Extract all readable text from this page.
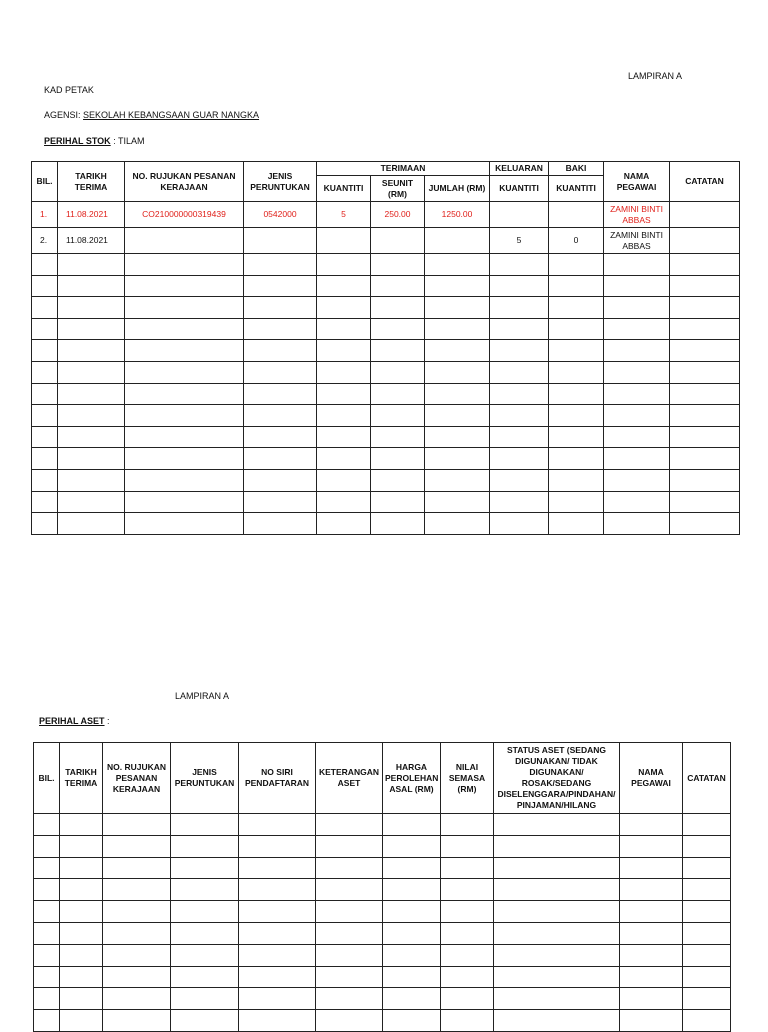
LAMPIRAN A
KAD PETAK
AGENSI: SEKOLAH KEBANGSAAN GUAR NANGKA
PERIHAL STOK : TILAM
BIL.	TARIKH TERIMA	NO. RUJUKAN PESANAN KERAJAAN	JENIS PERUNTUKAN	TERIMAAN			KELUARAN	BAKI	NAMA PEGAWAI	CATATAN
				KUANTITI	SEUNIT (RM)	JUMLAH (RM)	KUANTITI	KUANTITI		
1.	11.08.2021	CO210000000319439	0542000	5	250.00	1250.00			ZAMINI BINTI ABBAS	
2.	11.08.2021						5	0	ZAMINI BINTI ABBAS	

LAMPIRAN A
PERIHAL ASET :
BIL.	TARIKH TERIMA	NO. RUJUKAN PESANAN KERAJAAN	JENIS PERUNTUKAN	NO SIRI PENDAFTARAN	KETERANGAN ASET	HARGA PEROLEHAN ASAL (RM)	NILAI SEMASA (RM)	STATUS ASET (SEDANG DIGUNAKAN/ TIDAK DIGUNAKAN/ ROSAK/SEDANG DISELENGGARA/PINDAHAN/ PINJAMAN/HILANG	NAMA PEGAWAI	CATATAN
